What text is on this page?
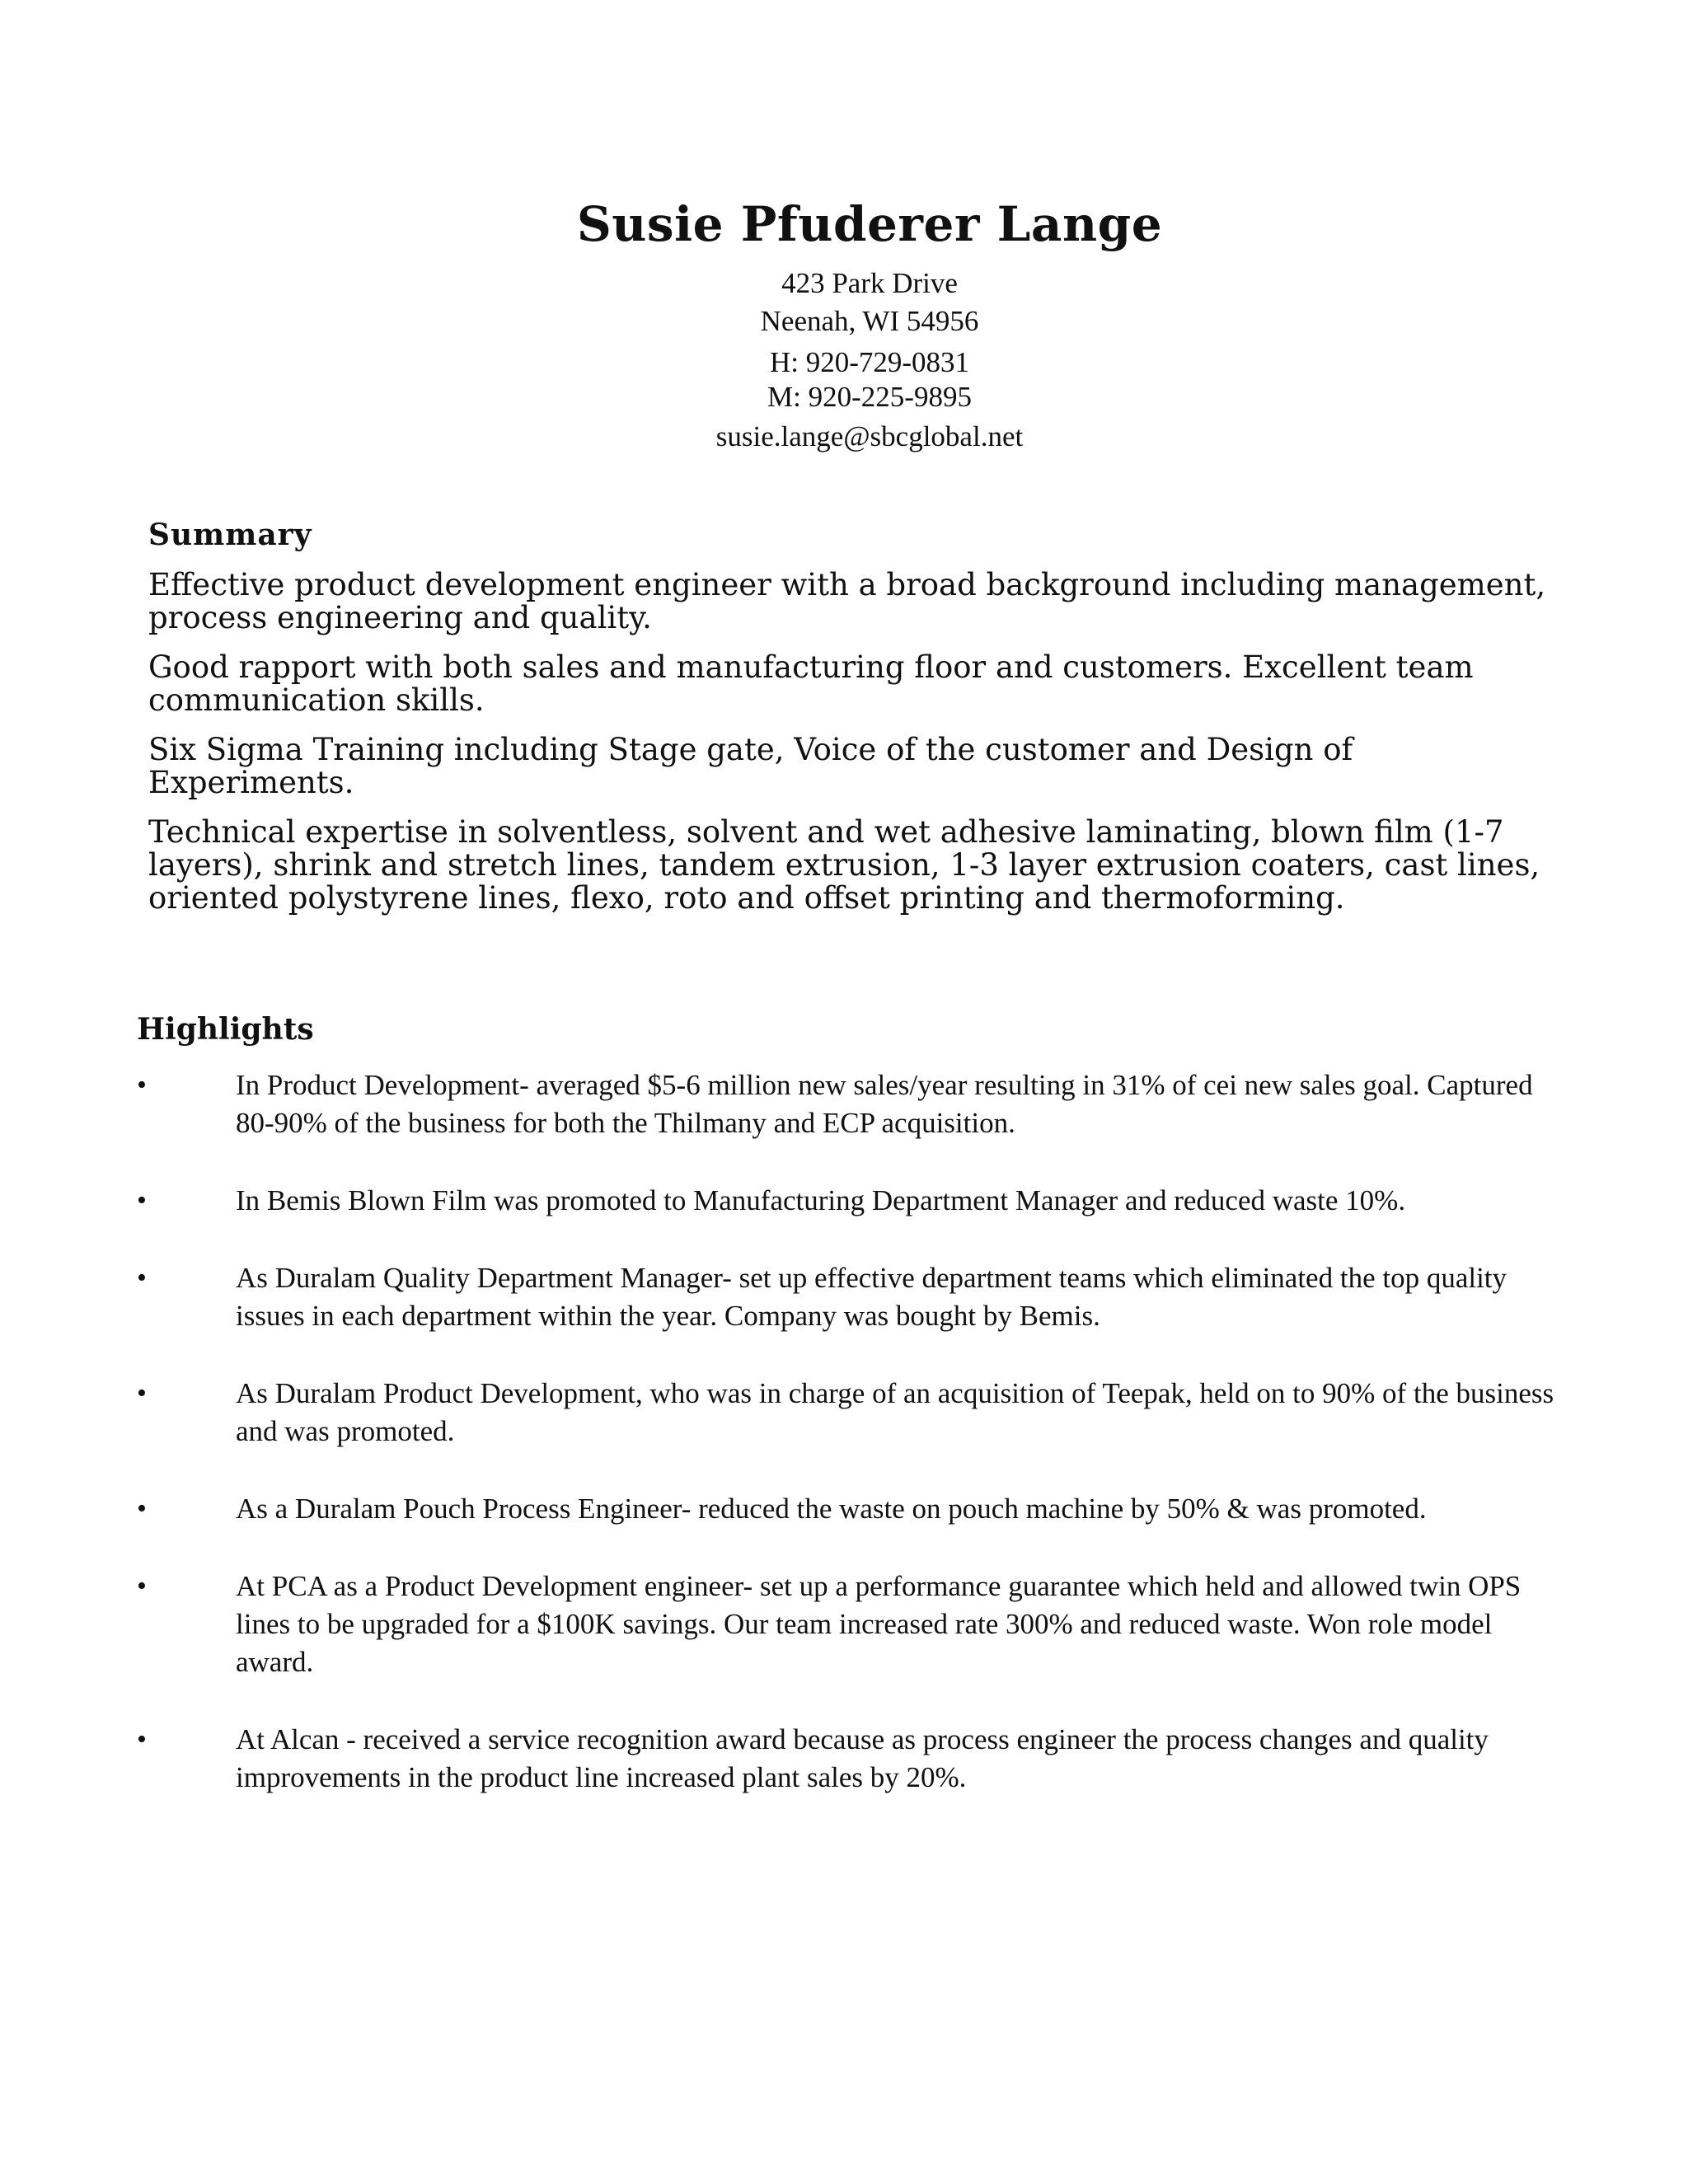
Susie Pfuderer Lange
423 Park Drive
Neenah, WI 54956
H: 920-729-0831
M: 920-225-9895
susie.lange@sbcglobal.net
Summary

Effective product development engineer with a broad background including management, process engineering and quality.

Good rapport with both sales and manufacturing floor and customers. Excellent team communication skills.

Six Sigma Training including Stage gate, Voice of the customer and Design of Experiments.

Technical expertise in solventless, solvent and wet adhesive laminating, blown film (1-7 layers), shrink and stretch lines, tandem extrusion, 1-3 layer extrusion coaters, cast lines, oriented polystyrene lines, flexo, roto and offset printing and thermoforming.

Highlights
•	In Product Development- averaged $5-6 million new sales/year resulting in 31% of cei new sales goal. Captured 80-90% of the business for both the Thilmany and ECP acquisition.
•	In Bemis Blown Film was promoted to Manufacturing Department Manager and reduced waste 10%.
•	As Duralam Quality Department Manager- set up effective department teams which eliminated the top quality issues in each department within the year. Company was bought by Bemis.
•	As Duralam Product Development, who was in charge of an acquisition of Teepak, held on to 90% of the business and was promoted.
•	As a Duralam Pouch Process Engineer- reduced the waste on pouch machine by 50% & was promoted.
•	At PCA as a Product Development engineer- set up a performance guarantee which held and allowed twin OPS lines to be upgraded for a $100K savings. Our team increased rate 300% and reduced waste. Won role model award.
•	At Alcan - received a service recognition award because as process engineer the process changes and quality improvements in the product line increased plant sales by 20%.
